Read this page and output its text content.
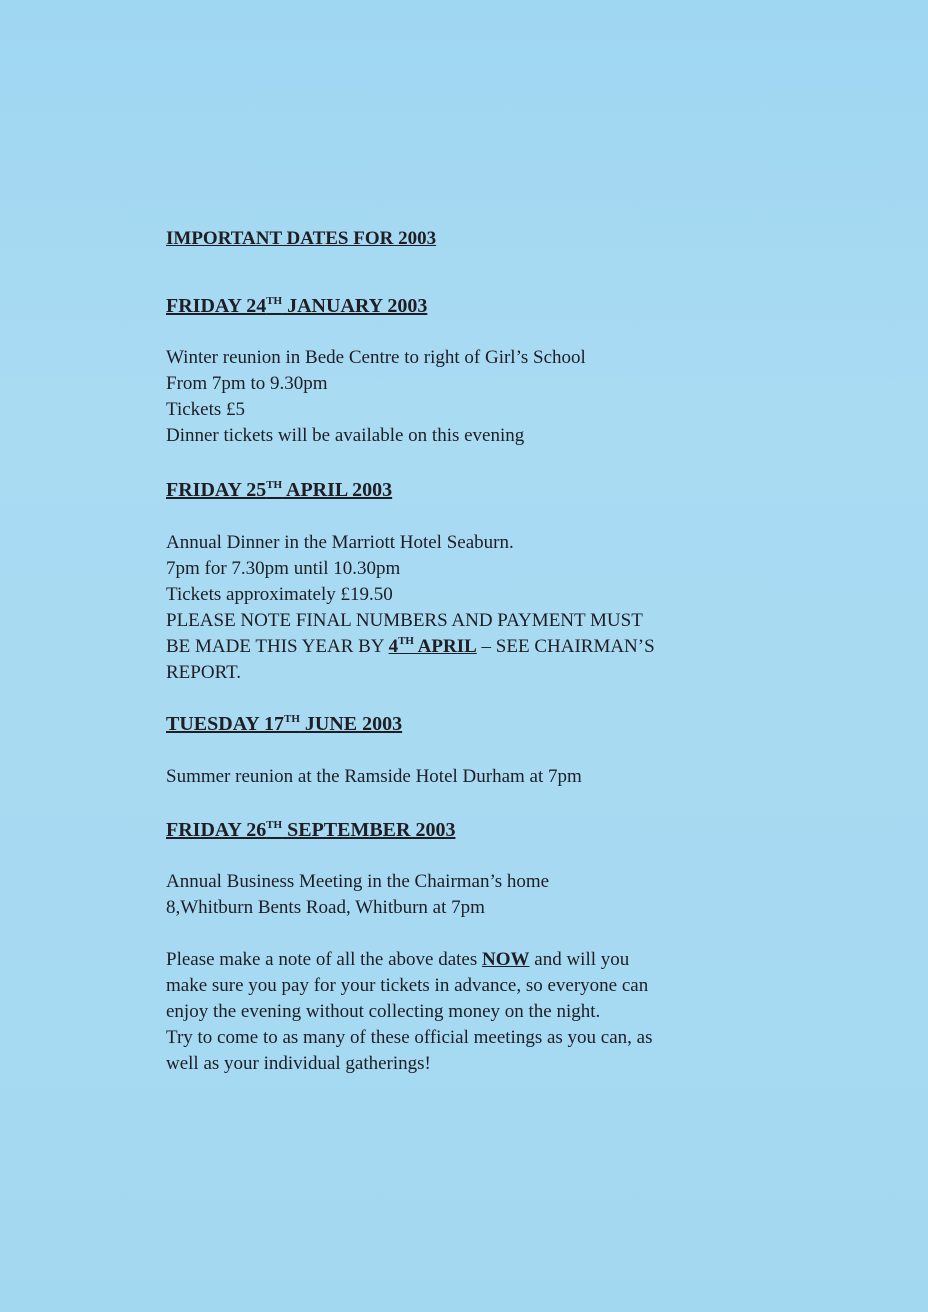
IMPORTANT DATES FOR 2003

FRIDAY 24TH JANUARY 2003

Winter reunion in Bede Centre to right of Girl’s School

From 7pm to 9.30pm

Tickets £5

Dinner tickets will be available on this evening

FRIDAY 25TH APRIL 2003

Annual Dinner in the Marriott Hotel Seaburn.

7pm for 7.30pm until 10.30pm

Tickets approximately £19.50

PLEASE NOTE FINAL NUMBERS AND PAYMENT MUST

BE MADE THIS YEAR BY 4TH APRIL – SEE CHAIRMAN’S

REPORT.

TUESDAY 17TH JUNE 2003

Summer reunion at the Ramside Hotel Durham at 7pm

FRIDAY 26TH SEPTEMBER 2003

Annual Business Meeting in the Chairman’s home

8,Whitburn Bents Road, Whitburn at 7pm

Please make a note of all the above dates NOW and will you

make sure you pay for your tickets in advance, so everyone can

enjoy the evening without collecting money on the night.

Try to come to as many of these official meetings as you can, as

well as your individual gatherings!
